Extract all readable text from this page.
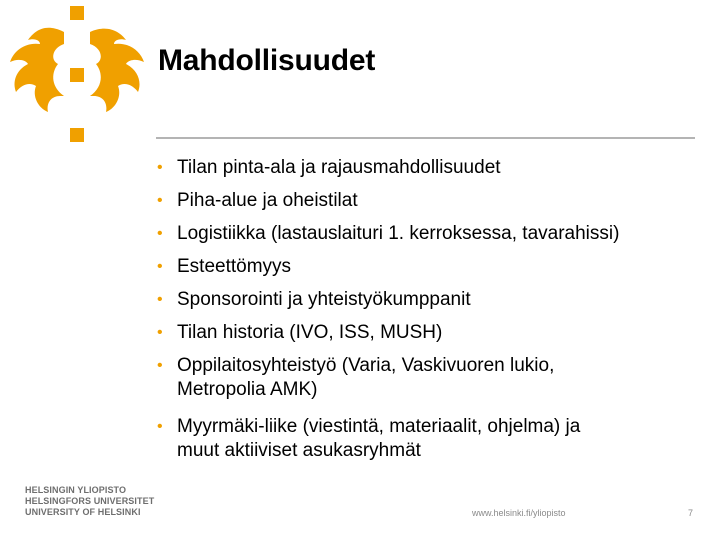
Mahdollisuudet
• Tilan pinta-ala ja rajausmahdollisuudet
• Piha-alue ja oheistilat
• Logistiikka (lastauslaituri 1. kerroksessa, tavarahissi)
• Esteettömyys
• Sponsorointi ja yhteistyökumppanit
• Tilan historia (IVO, ISS, MUSH)
• Oppilaitosyhteistyö (Varia, Vaskivuoren lukio,
Metropolia AMK)
• Myyrmäki-liike (viestintä, materiaalit, ohjelma) ja
muut aktiiviset asukasryhmät
HELSINGIN YLIOPISTO
HELSINGFORS UNIVERSITET
UNIVERSITY OF HELSINKI	www.helsinki.fi/yliopisto	7
